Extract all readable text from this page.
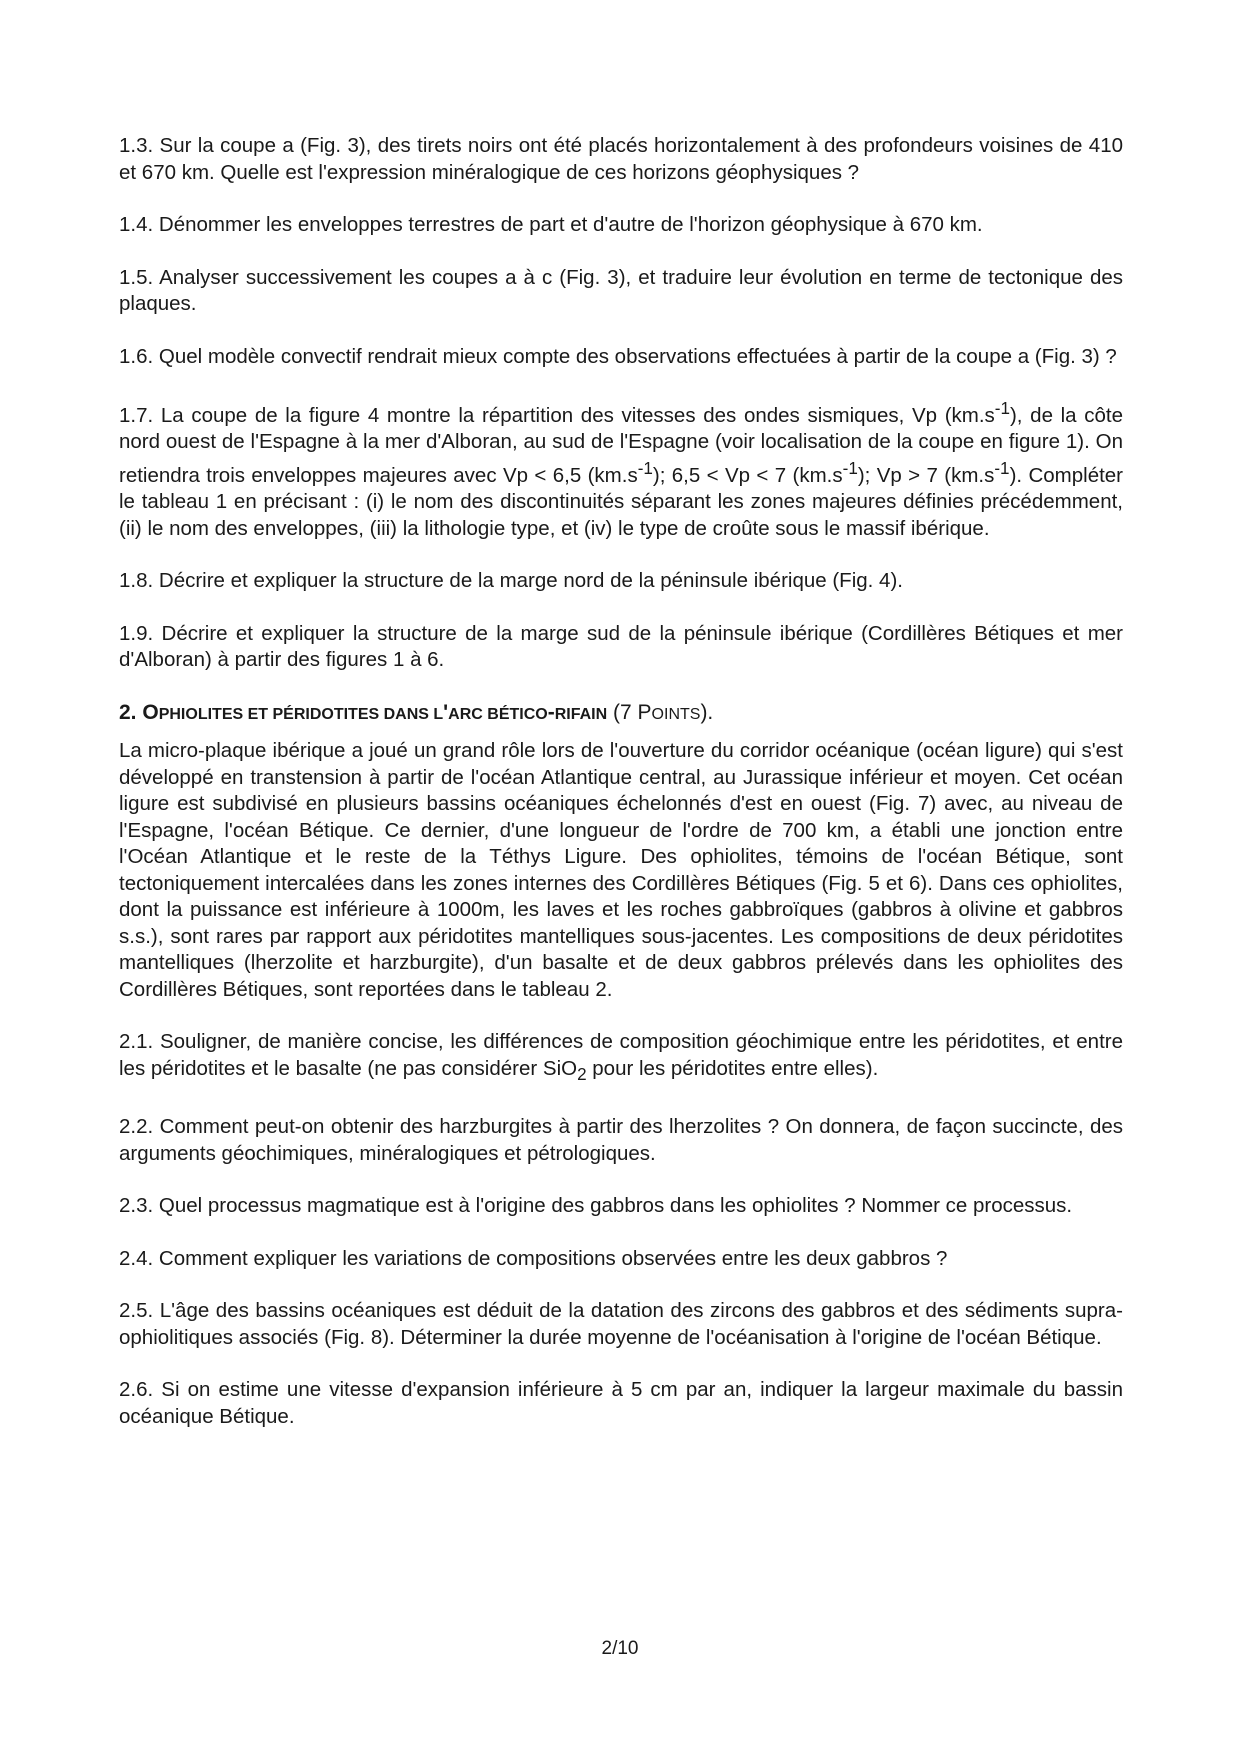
1.3. Sur la coupe a (Fig. 3), des tirets noirs ont été placés horizontalement à des profondeurs voisines de 410 et 670 km. Quelle est l'expression minéralogique de ces horizons géophysiques ?

1.4. Dénommer les enveloppes terrestres de part et d'autre de l'horizon géophysique à 670 km.

1.5. Analyser successivement les coupes a à c (Fig. 3), et traduire leur évolution en terme de tectonique des plaques.

1.6. Quel modèle convectif rendrait mieux compte des observations effectuées à partir de la coupe a (Fig. 3) ?

1.7. La coupe de la figure 4 montre la répartition des vitesses des ondes sismiques, Vp $(km.s^{-1})$, de la côte nord ouest de l'Espagne à la mer d'Alboran, au sud de l'Espagne (voir localisation de la coupe en figure 1). On retiendra trois enveloppes majeures avec Vp < 6,5 $(km.s^{-1})$; 6,5 < Vp < 7 $(km.s^{-1})$; Vp > 7 $(km.s^{-1})$. Compléter le tableau 1 en précisant : (i) le nom des discontinuités séparant les zones majeures définies précédemment, (ii) le nom des enveloppes, (iii) la lithologie type, et (iv) le type de croûte sous le massif ibérique.

1.8. Décrire et expliquer la structure de la marge nord de la péninsule ibérique (Fig. 4).

1.9. Décrire et expliquer la structure de la marge sud de la péninsule ibérique (Cordillères Bétiques et mer d'Alboran) à partir des figures 1 à 6.

2. OPHIOLITES ET PÉRIDOTITES DANS L'ARC BÉTICO-RIFAIN (7 POINTS).

La micro-plaque ibérique a joué un grand rôle lors de l'ouverture du corridor océanique (océan ligure) qui s'est développé en transtension à partir de l'océan Atlantique central, au Jurassique inférieur et moyen. Cet océan ligure est subdivisé en plusieurs bassins océaniques échelonnés d'est en ouest (Fig. 7) avec, au niveau de l'Espagne, l'océan Bétique. Ce dernier, d'une longueur de l'ordre de 700 km, a établi une jonction entre l'Océan Atlantique et le reste de la Téthys Ligure. Des ophiolites, témoins de l'océan Bétique, sont tectoniquement intercalées dans les zones internes des Cordillères Bétiques (Fig. 5 et 6). Dans ces ophiolites, dont la puissance est inférieure à 1000m, les laves et les roches gabbroïques (gabbros à olivine et gabbros s.s.), sont rares par rapport aux péridotites mantelliques sous-jacentes. Les compositions de deux péridotites mantelliques (lherzolite et harzburgite), d'un basalte et de deux gabbros prélevés dans les ophiolites des Cordillères Bétiques, sont reportées dans le tableau 2.

2.1. Souligner, de manière concise, les différences de composition géochimique entre les péridotites, et entre les péridotites et le basalte (ne pas considérer SiO$_2$ pour les péridotites entre elles).

2.2. Comment peut-on obtenir des harzburgites à partir des lherzolites ? On donnera, de façon succincte, des arguments géochimiques, minéralogiques et pétrologiques.

2.3. Quel processus magmatique est à l'origine des gabbros dans les ophiolites ? Nommer ce processus.

2.4. Comment expliquer les variations de compositions observées entre les deux gabbros ?

2.5. L'âge des bassins océaniques est déduit de la datation des zircons des gabbros et des sédiments supra-ophiolitiques associés (Fig. 8). Déterminer la durée moyenne de l'océanisation à l'origine de l'océan Bétique.

2.6. Si on estime une vitesse d'expansion inférieure à 5 cm par an, indiquer la largeur maximale du bassin océanique Bétique.

2/10
